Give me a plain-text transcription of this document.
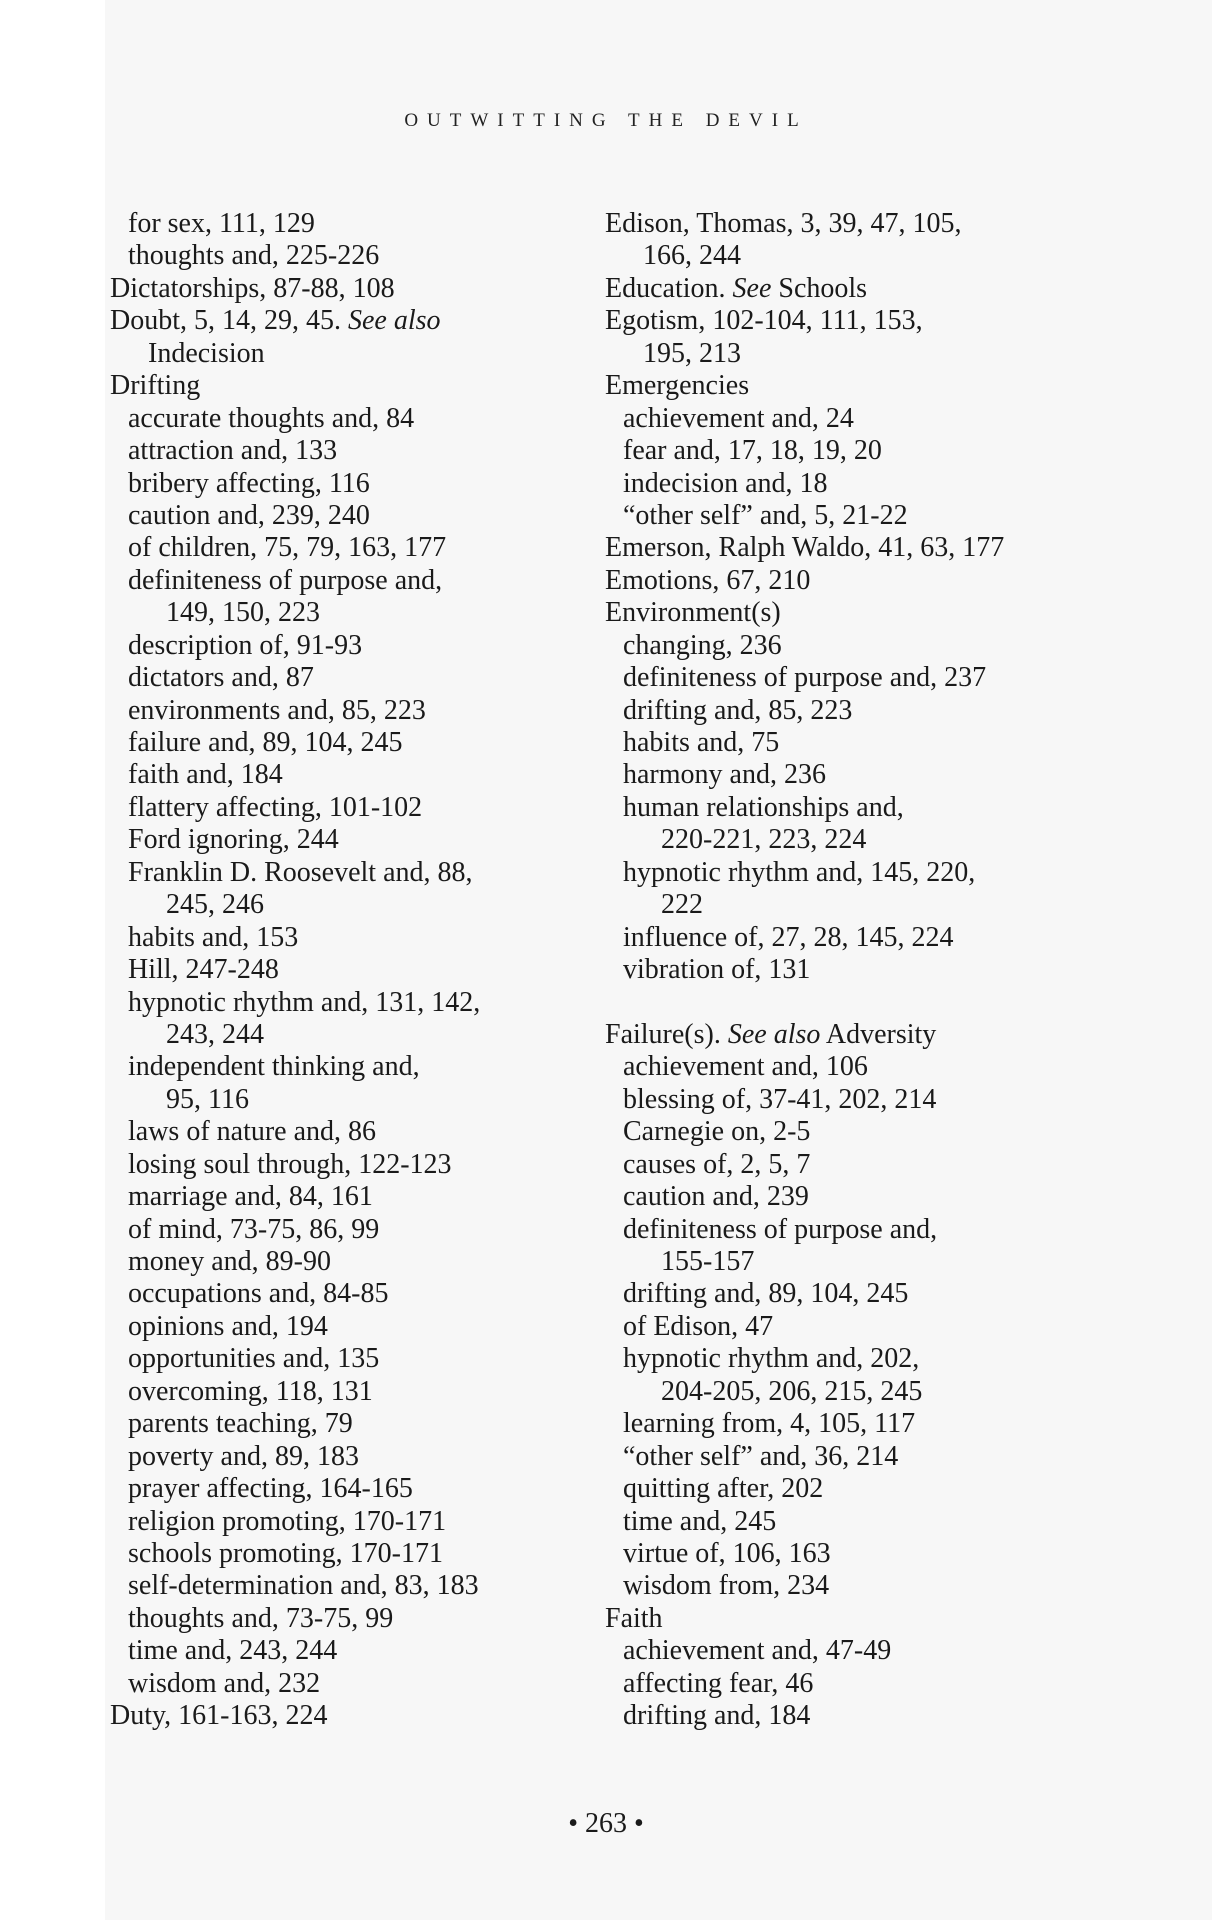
OUTWITTING THE DEVIL
for sex, 111, 129
thoughts and, 225-226
Dictatorships, 87-88, 108
Doubt, 5, 14, 29, 45. See also
Indecision
Drifting
accurate thoughts and, 84
attraction and, 133
bribery affecting, 116
caution and, 239, 240
of children, 75, 79, 163, 177
definiteness of purpose and,
149, 150, 223
description of, 91-93
dictators and, 87
environments and, 85, 223
failure and, 89, 104, 245
faith and, 184
flattery affecting, 101-102
Ford ignoring, 244
Franklin D. Roosevelt and, 88,
245, 246
habits and, 153
Hill, 247-248
hypnotic rhythm and, 131, 142,
243, 244
independent thinking and,
95, 116
laws of nature and, 86
losing soul through, 122-123
marriage and, 84, 161
of mind, 73-75, 86, 99
money and, 89-90
occupations and, 84-85
opinions and, 194
opportunities and, 135
overcoming, 118, 131
parents teaching, 79
poverty and, 89, 183
prayer affecting, 164-165
religion promoting, 170-171
schools promoting, 170-171
self-determination and, 83, 183
thoughts and, 73-75, 99
time and, 243, 244
wisdom and, 232
Duty, 161-163, 224
Edison, Thomas, 3, 39, 47, 105,
166, 244
Education. See Schools
Egotism, 102-104, 111, 153,
195, 213
Emergencies
achievement and, 24
fear and, 17, 18, 19, 20
indecision and, 18
“other self” and, 5, 21-22
Emerson, Ralph Waldo, 41, 63, 177
Emotions, 67, 210
Environment(s)
changing, 236
definiteness of purpose and, 237
drifting and, 85, 223
habits and, 75
harmony and, 236
human relationships and,
220-221, 223, 224
hypnotic rhythm and, 145, 220,
222
influence of, 27, 28, 145, 224
vibration of, 131
Failure(s). See also Adversity
achievement and, 106
blessing of, 37-41, 202, 214
Carnegie on, 2-5
causes of, 2, 5, 7
caution and, 239
definiteness of purpose and,
155-157
drifting and, 89, 104, 245
of Edison, 47
hypnotic rhythm and, 202,
204-205, 206, 215, 245
learning from, 4, 105, 117
“other self” and, 36, 214
quitting after, 202
time and, 245
virtue of, 106, 163
wisdom from, 234
Faith
achievement and, 47-49
affecting fear, 46
drifting and, 184
• 263 •
